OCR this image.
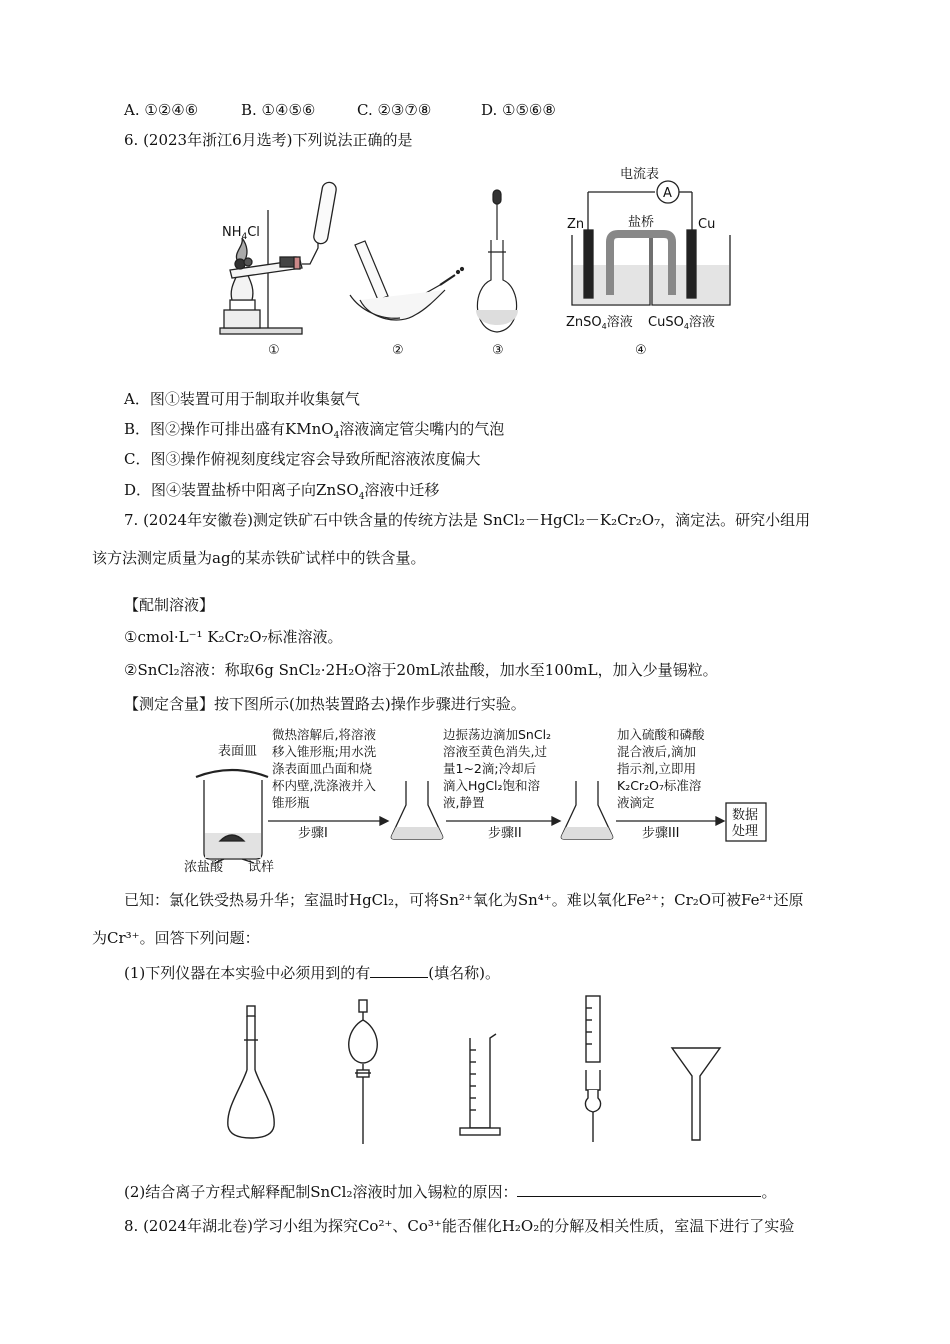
A. ①②④⑥	B. ①④⑤⑥	C. ②③⑦⑧	D. ①⑤⑥⑧
6. (2023年浙江6月选考)下列说法正确的是
$NH_4Cl$
①	②	③
电流表
A
盐桥
Zn	Cu
ZnSO$_4$溶液 CuSO$_4$溶液
④
A．图①装置可用于制取并收集氨气
B．图②操作可排出盛有KMnO$_4$溶液滴定管尖嘴内的气泡
C．图③操作俯视刻度线定容会导致所配溶液浓度偏大
D．图④装置盐桥中阳离子向ZnSO$_4$溶液中迁移
7. (2024年安徽卷)测定铁矿石中铁含量的传统方法是 SnCl₂－HgCl₂－K₂Cr₂O₇，滴定法。研究小组用
该方法测定质量为ag的某赤铁矿试样中的铁含量。
【配制溶液】
①cmol·L⁻¹ K₂Cr₂O₇标准溶液。
②SnCl₂溶液：称取6g SnCl₂·2H₂O溶于20mL浓盐酸，加水至100mL，加入少量锡粒。
【测定含量】按下图所示(加热装置路去)操作步骤进行实验。
表面皿
浓盐酸 试样
步骤I	步骤II	步骤III
数据
处理
微热溶解后,将溶液
移入锥形瓶;用水洗
涤表面皿凸面和烧
杯内壁,洗涤液并入
锥形瓶
边振荡边滴加SnCl₂
溶液至黄色消失,过
量1~2滴;冷却后
滴入HgCl₂饱和溶
液,静置
加入硫酸和磷酸
混合液后,滴加
指示剂,立即用
K₂Cr₂O₇标准溶
液滴定
已知：氯化铁受热易升华；室温时HgCl₂，可将Sn²⁺氧化为Sn⁴⁺。难以氧化Fe²⁺；Cr₂O可被Fe²⁺还原
为Cr³⁺。回答下列问题：
(1)下列仪器在本实验中必须用到的有	(填名称)。
(2)结合离子方程式解释配制SnCl₂溶液时加入锡粒的原因：	。
8. (2024年湖北卷)学习小组为探究Co²⁺、Co³⁺能否催化H₂O₂的分解及相关性质，室温下进行了实验
